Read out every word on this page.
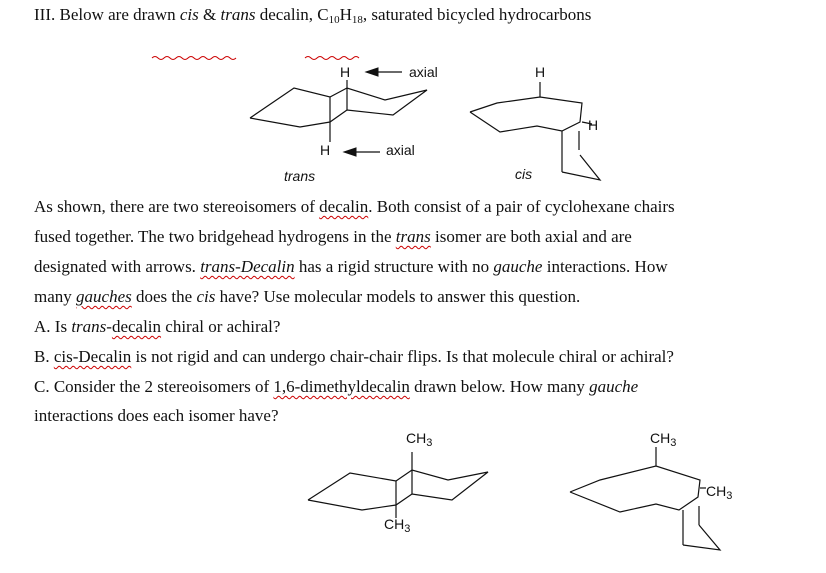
III. Below are drawn cis & trans decalin, $C_{10}H_{18}$, saturated bicycled hydrocarbons
H	axial
H	axial
H
H
trans	cis
As shown, there are two stereoisomers of decalin. Both consist of a pair of cyclohexane chairs
fused together. The two bridgehead hydrogens in the trans isomer are both axial and are
designated with arrows. trans-Decalin has a rigid structure with no gauche interactions. How
many gauches does the cis have? Use molecular models to answer this question.
A. Is trans-decalin chiral or achiral?
B. cis-Decalin is not rigid and can undergo chair-chair flips. Is that molecule chiral or achiral?
C. Consider the 2 stereoisomers of 1,6-dimethyldecalin drawn below. How many gauche
interactions does each isomer have?
$CH_3$
$CH_3$
$CH_3$
$CH_3$
